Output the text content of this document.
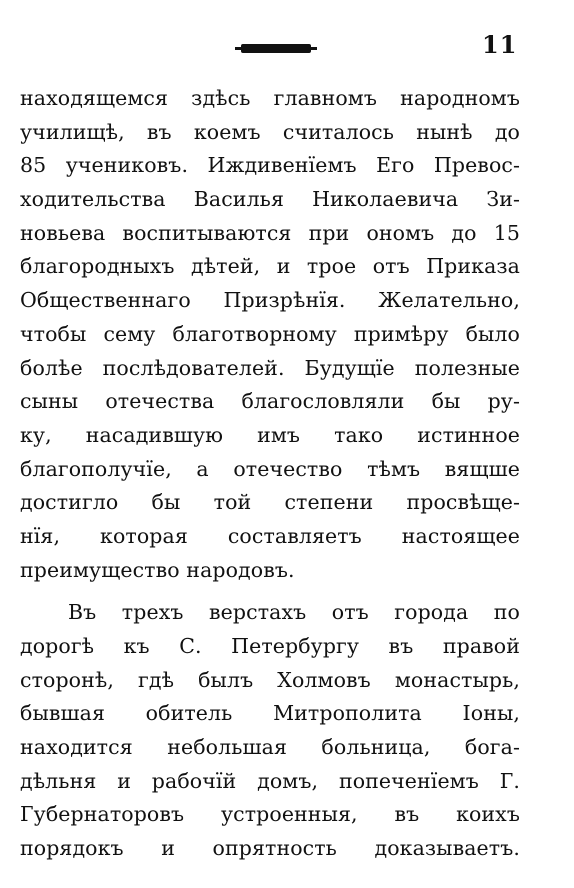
11
находящемся здѣсь главномъ народномъ
училищѣ, въ коемъ считалось нынѣ до
85 учениковъ. Иждивенїемъ Его Превос-
ходительства Василья Николаевича Зи-
новьева воспитываются при ономъ до 15
благородныхъ дѣтей, и трое отъ Приказа
Общественнаго Призрѣнїя. Желательно,
чтобы сему благотворному примѣру было
болѣе послѣдователей. Будущїе полезные
сыны отечества благословляли бы ру-
ку, насадившую имъ тако истинное
благополучїе, а отечество тѣмъ вящше
достигло бы той степени просвѣще-
нїя, которая составляетъ настоящее
преимущество народовъ.
Въ трехъ верстахъ отъ города по
дорогѣ къ С. Петербургу въ правой
сторонѣ, гдѣ былъ Холмовъ монастырь,
бывшая обитель Митрополита Iоны,
находится небольшая больница, бога-
дѣльня и рабочїй домъ, попеченїемъ Г.
Губернаторовъ устроенныя, въ коихъ
порядокъ и опрятность доказываетъ.
